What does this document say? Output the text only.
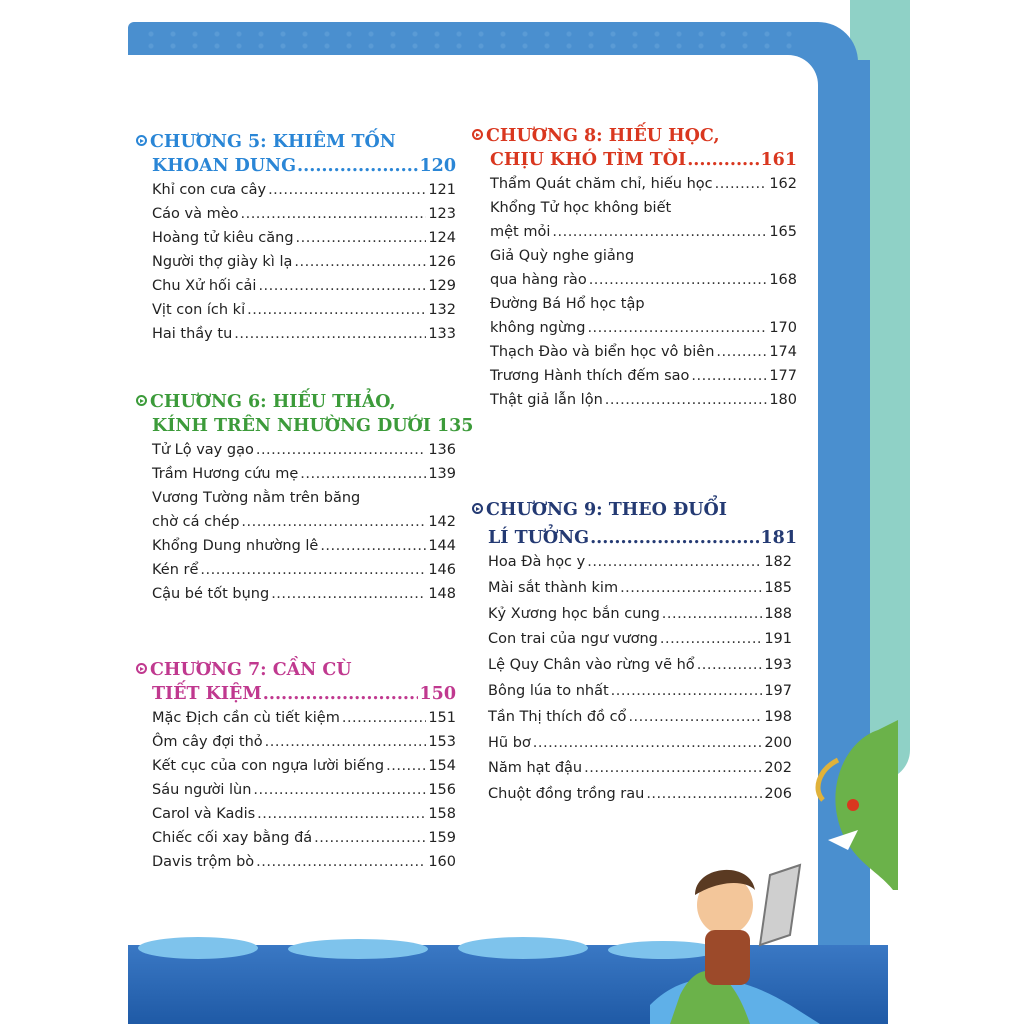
CHƯƠNG 5: KHIÊM TỐN
KHOAN DUNG .....	120
Khỉ con cưa cây .....	121
Cáo và mèo .....	123
Hoàng tử kiêu căng .....	124
Người thợ giày kì lạ .....	126
Chu Xử hối cải .....	129
Vịt con ích kỉ .....	132
Hai thầy tu .....	133
CHƯƠNG 6: HIẾU THẢO,
KÍNH TRÊN NHƯỜNG DƯỚI 135
Tử Lộ vay gạo .....	136
Trầm Hương cứu mẹ .....	139
Vương Tường nằm trên băng
chờ cá chép .....	142
Khổng Dung nhường lê .....	144
Kén rể .....	146
Cậu bé tốt bụng .....	148
CHƯƠNG 7: CẦN CÙ
TIẾT KIỆM .....	150
Mặc Địch cần cù tiết kiệm .....	151
Ôm cây đợi thỏ .....	153
Kết cục của con ngựa lười biếng .....	154
Sáu người lùn .....	156
Carol và Kadis .....	158
Chiếc cối xay bằng đá .....	159
Davis trộm bò .....	160
CHƯƠNG 8: HIẾU HỌC,
CHỊU KHÓ TÌM TÒI .....	161
Thẩm Quát chăm chỉ, hiếu học .....	162
Khổng Tử học không biết
mệt mỏi .....	165
Giả Quỳ nghe giảng
qua hàng rào .....	168
Đường Bá Hổ học tập
không ngừng .....	170
Thạch Đào và biển học vô biên .....	174
Trương Hành thích đếm sao .....	177
Thật giả lẫn lộn .....	180
CHƯƠNG 9: THEO ĐUỔI
LÍ TƯỞNG .....	181
Hoa Đà học y .....	182
Mài sắt thành kim .....	185
Kỷ Xương học bắn cung .....	188
Con trai của ngư vương .....	191
Lệ Quy Chân vào rừng vẽ hổ .....	193
Bông lúa to nhất .....	197
Tần Thị thích đồ cổ .....	198
Hũ bơ .....	200
Năm hạt đậu .....	202
Chuột đồng trồng rau .....	206
